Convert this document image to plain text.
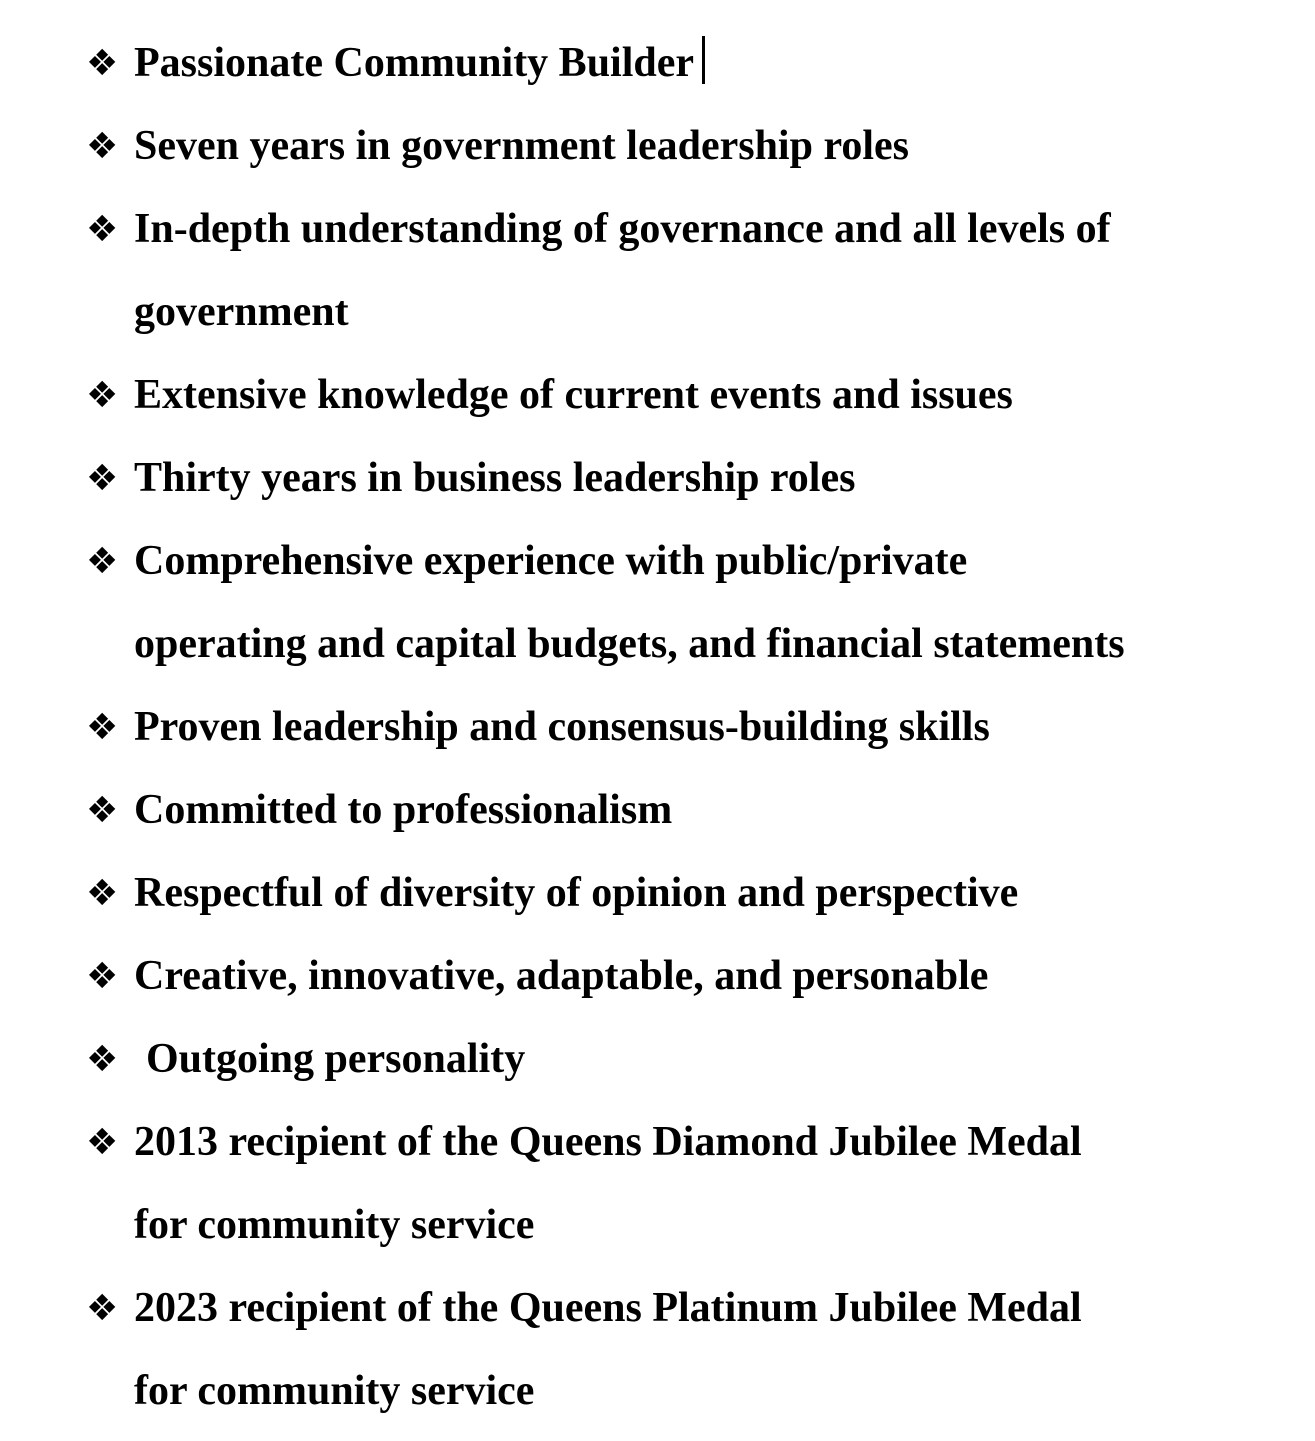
❖ Passionate Community Builder
❖ Seven years in government leadership roles
❖ In-depth understanding of governance and all levels of
government
❖ Extensive knowledge of current events and issues
❖ Thirty years in business leadership roles
❖ Comprehensive experience with public/private
operating and capital budgets, and financial statements
❖ Proven leadership and consensus-building skills
❖ Committed to professionalism
❖ Respectful of diversity of opinion and perspective
❖ Creative, innovative, adaptable, and personable
❖ Outgoing personality
❖ 2013 recipient of the Queens Diamond Jubilee Medal
for community service
❖ 2023 recipient of the Queens Platinum Jubilee Medal
for community service
